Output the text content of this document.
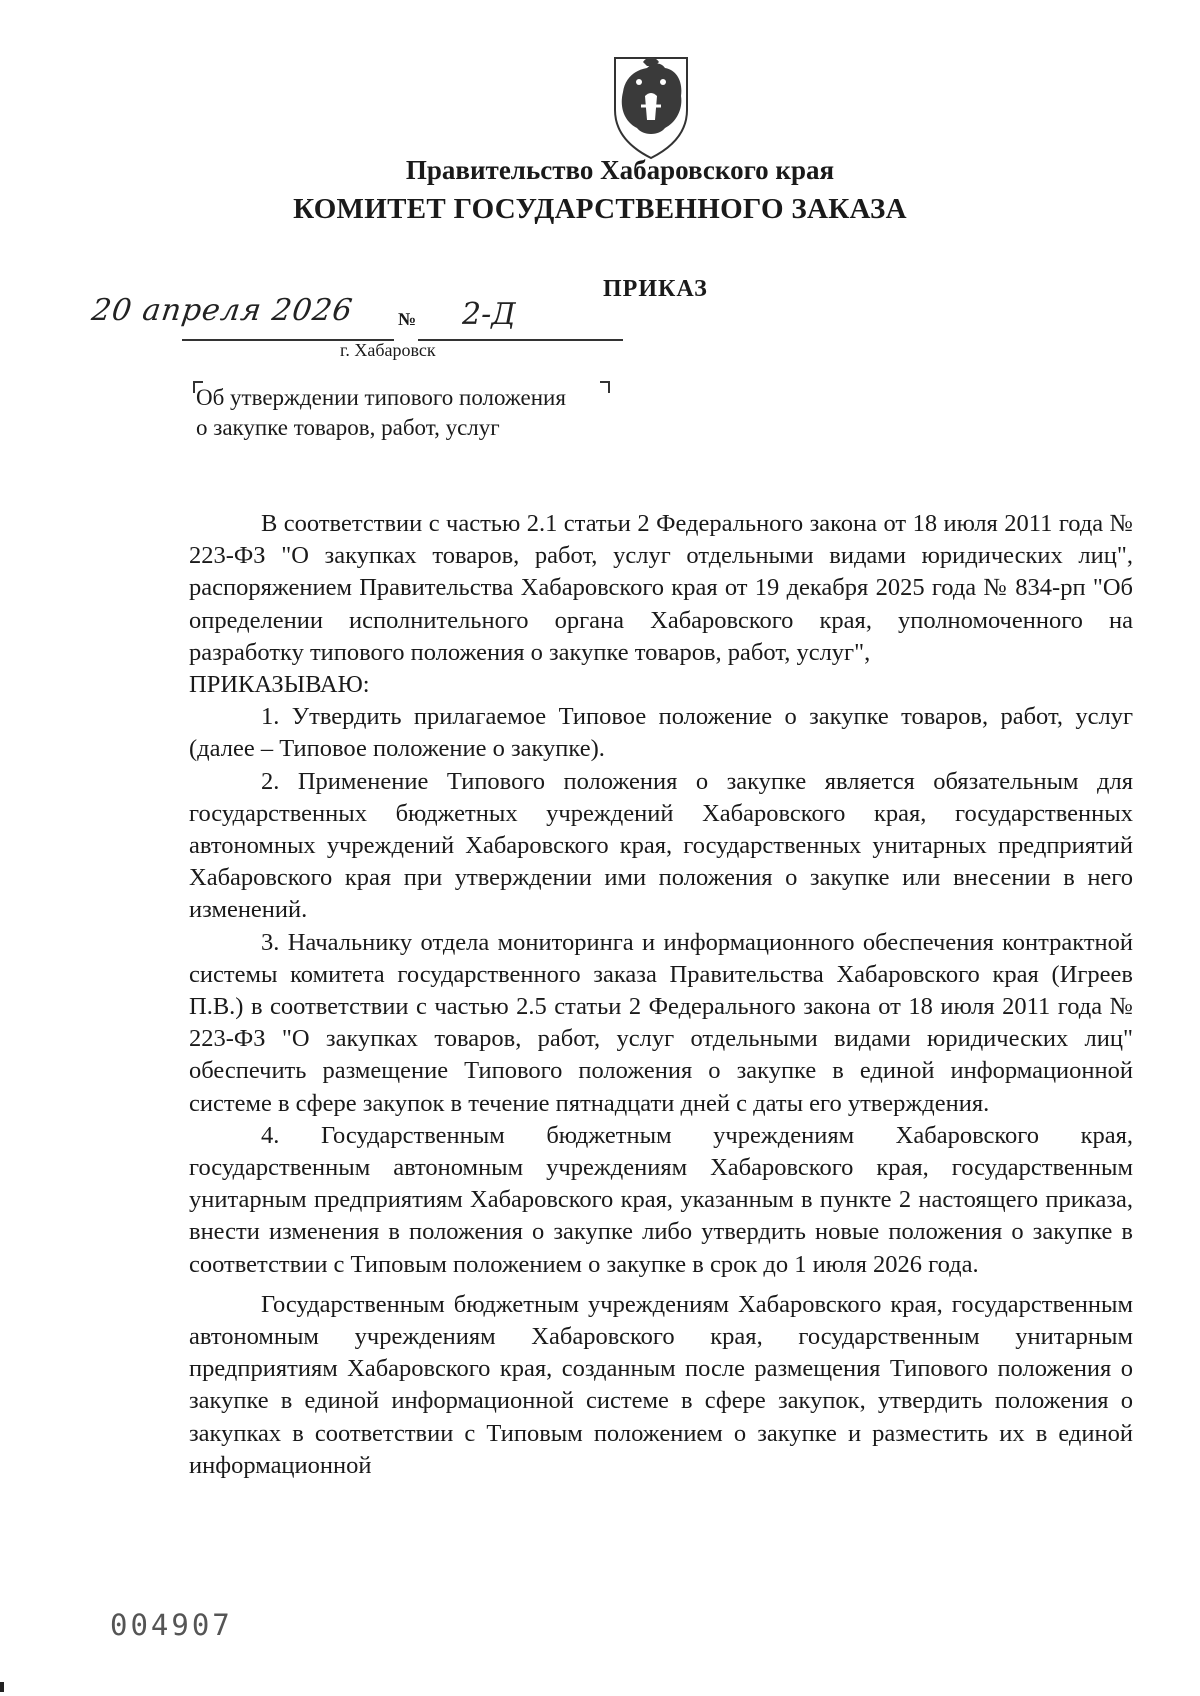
Правительство Хабаровского края
КОМИТЕТ ГОСУДАРСТВЕННОГО ЗАКАЗА
ПРИКАЗ
20 апреля 2026 № 2-Д
г. Хабаровск
Об утверждении типового положения
о закупке товаров, работ, услуг

В соответствии с частью 2.1 статьи 2 Федерального закона от 18 июля 2011 года № 223-ФЗ "О закупках товаров, работ, услуг отдельными видами юридических лиц", распоряжением Правительства Хабаровского края от 19 декабря 2025 года № 834-рп "Об определении исполнительного органа Хабаровского края, уполномоченного на разработку типового положения о закупке товаров, работ, услуг",

ПРИКАЗЫВАЮ:

1. Утвердить прилагаемое Типовое положение о закупке товаров, работ, услуг (далее – Типовое положение о закупке).

2. Применение Типового положения о закупке является обязательным для государственных бюджетных учреждений Хабаровского края, государственных автономных учреждений Хабаровского края, государственных унитарных предприятий Хабаровского края при утверждении ими положения о закупке или внесении в него изменений.

3. Начальнику отдела мониторинга и информационного обеспечения контрактной системы комитета государственного заказа Правительства Хабаровского края (Игреев П.В.) в соответствии с частью 2.5 статьи 2 Федерального закона от 18 июля 2011 года № 223-ФЗ "О закупках товаров, работ, услуг отдельными видами юридических лиц" обеспечить размещение Типового положения о закупке в единой информационной системе в сфере закупок в течение пятнадцати дней с даты его утверждения.

4. Государственным бюджетным учреждениям Хабаровского края, государственным автономным учреждениям Хабаровского края, государственным унитарным предприятиям Хабаровского края, указанным в пункте 2 настоящего приказа, внести изменения в положения о закупке либо утвердить новые положения о закупке в соответствии с Типовым положением о закупке в срок до 1 июля 2026 года.

Государственным бюджетным учреждениям Хабаровского края, государственным автономным учреждениям Хабаровского края, государственным унитарным предприятиям Хабаровского края, созданным после размещения Типового положения о закупке в единой информационной системе в сфере закупок, утвердить положения о закупках в соответствии с Типовым положением о закупке и разместить их в единой информационной

004907
